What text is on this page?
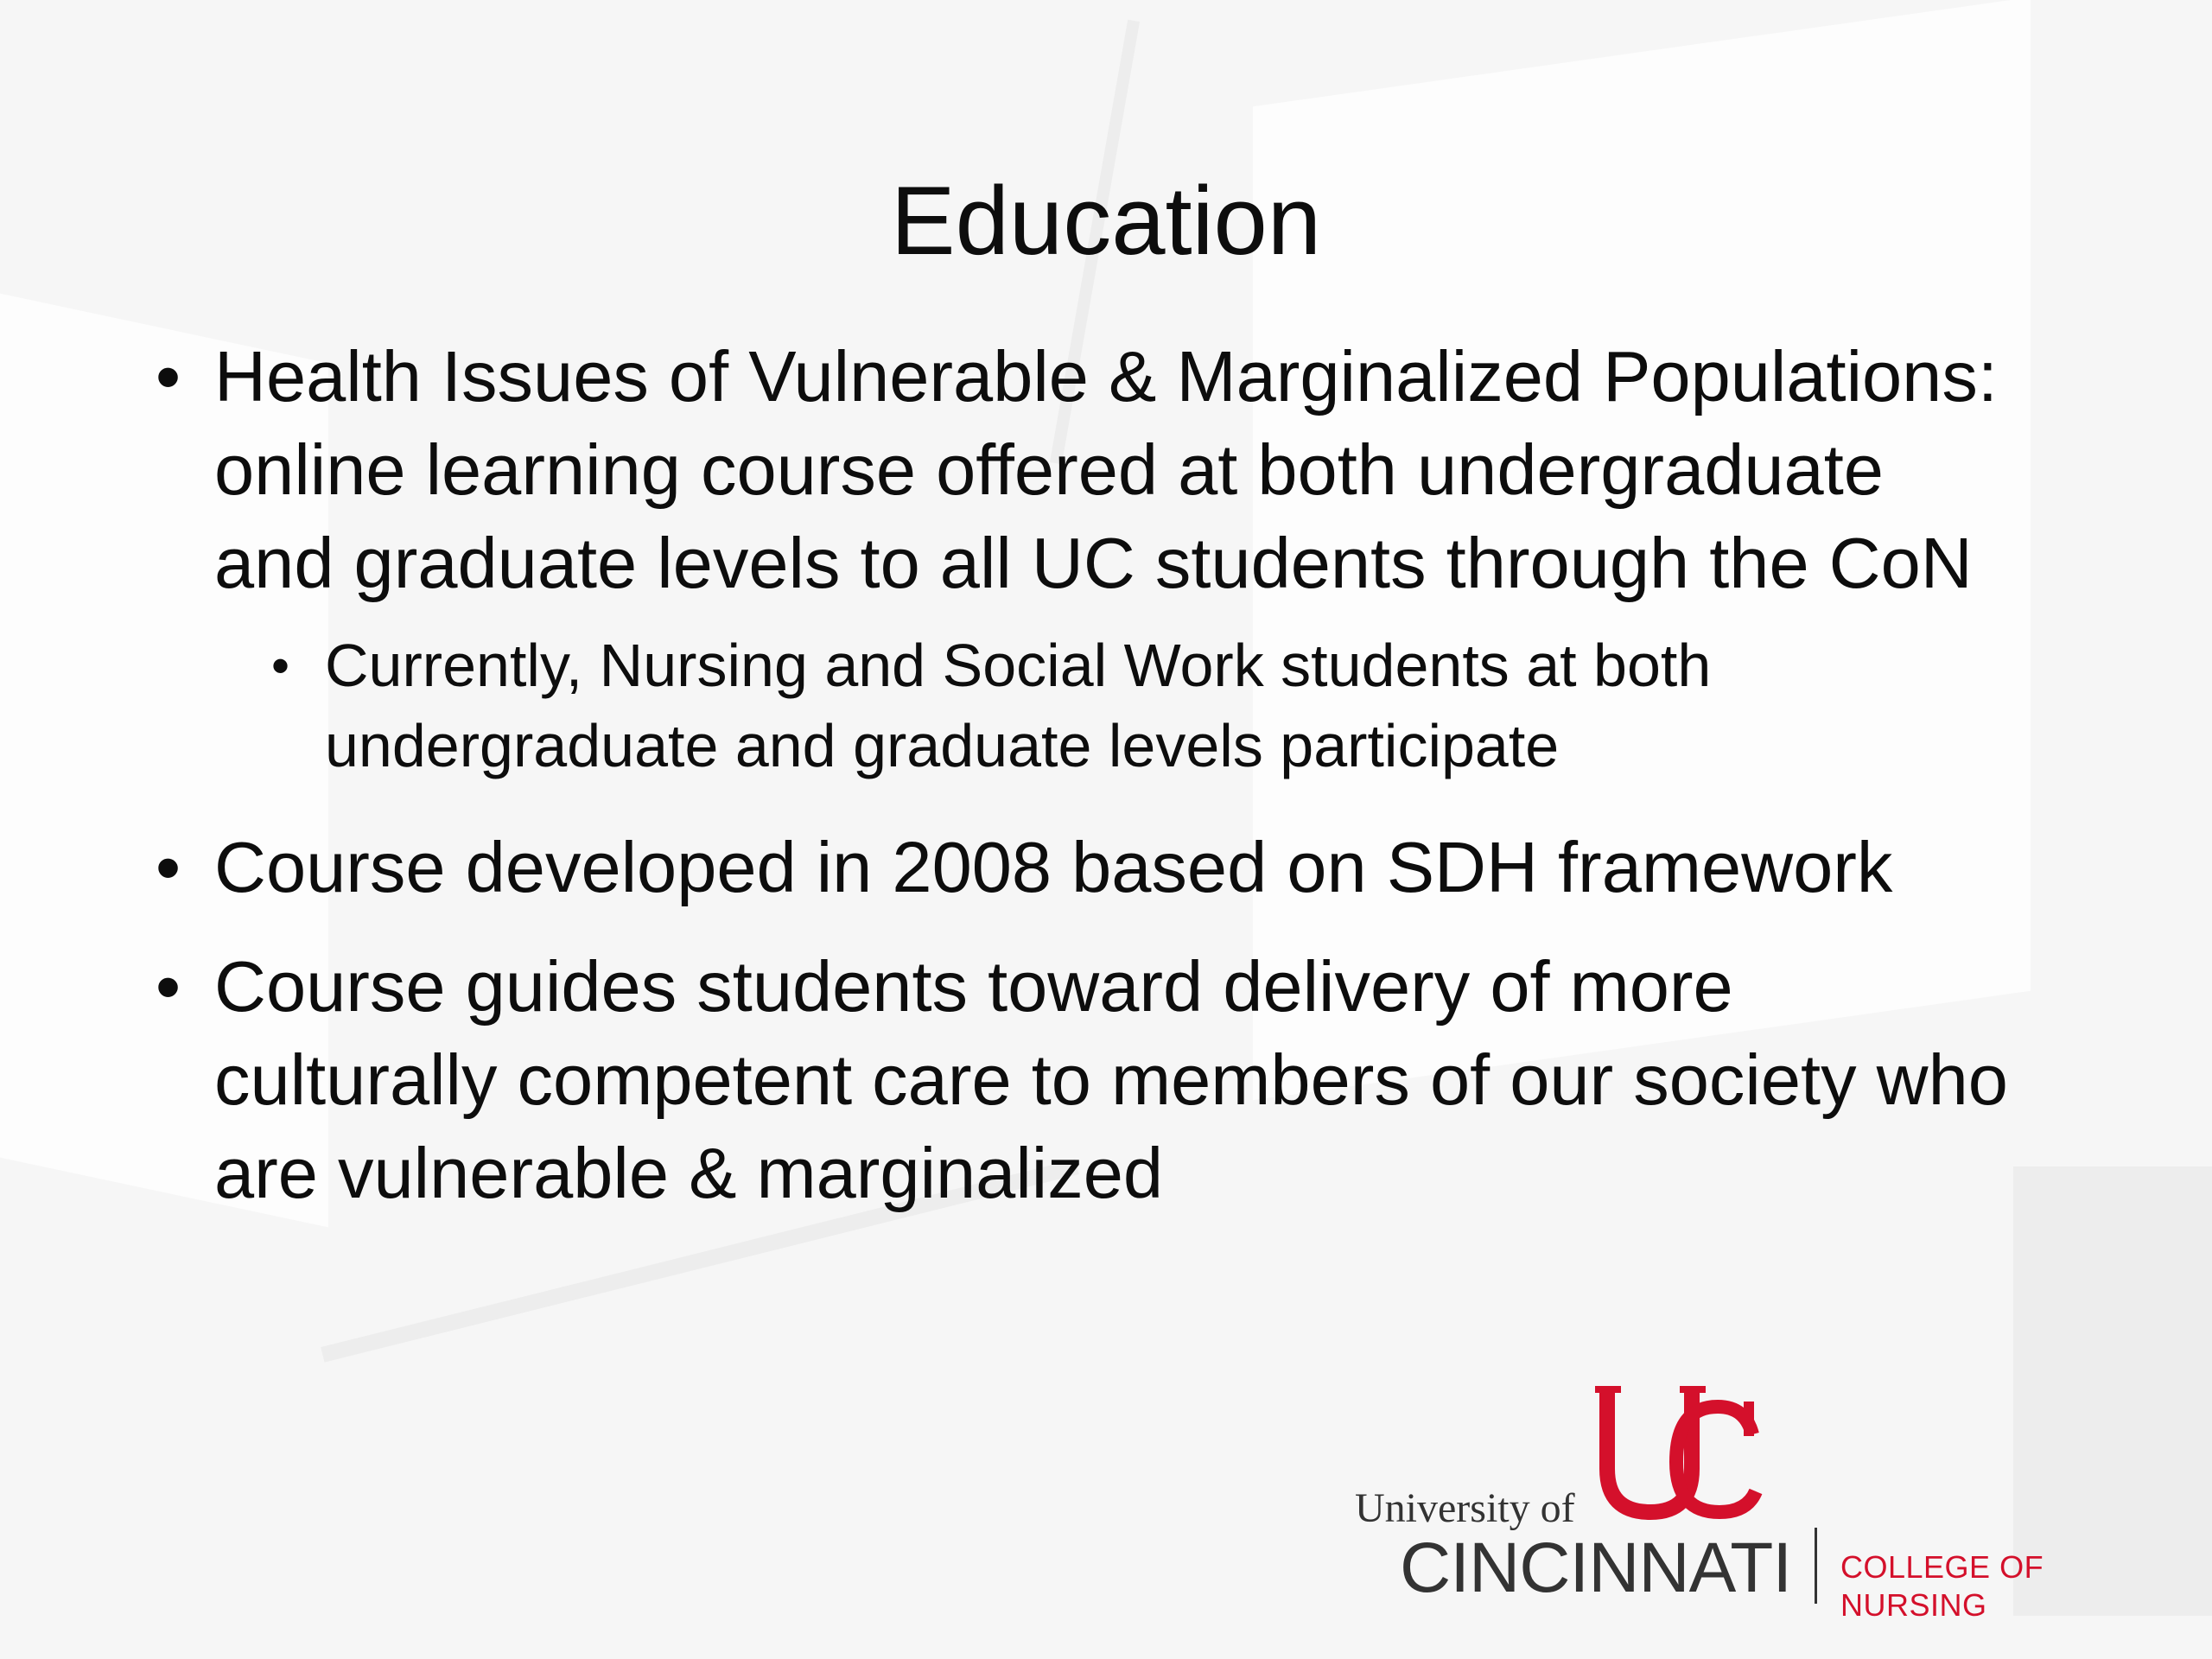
Education
• Health Issues of Vulnerable & Marginalized Populations: online learning course offered at both undergraduate and graduate levels to all UC students through the CoN
• Currently, Nursing and Social Work students at both undergraduate and graduate levels participate
• Course developed in 2008 based on SDH framework
• Course guides students toward delivery of more culturally competent care to members of our society who are vulnerable & marginalized
University of
CINCINNATI COLLEGE OF NURSING
